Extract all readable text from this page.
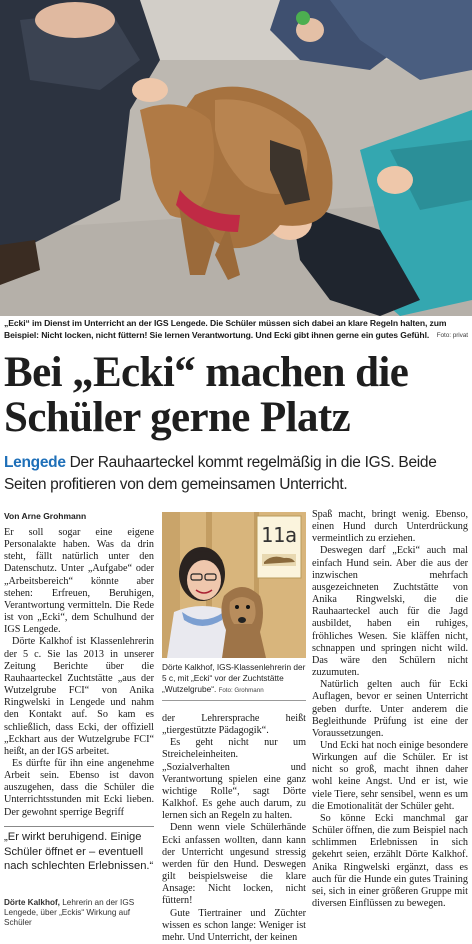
„Ecki“ im Dienst im Unterricht an der IGS Lengede. Die Schüler müssen sich dabei an klare Regeln halten, zum Beispiel: Nicht locken, nicht füttern! Sie lernen Verantwortung. Und Ecki gibt ihnen gerne ein gutes Gefühl. Foto: privat
Bei „Ecki“ machen die
Schüler gerne Platz
Lengede Der Rauhaarteckel kommt regelmäßig in die IGS. Beide Seiten profitieren von dem gemeinsamen Unterricht.
Von Arne Grohmann

Er soll sogar eine eigene Personalakte haben. Was da drin steht, fällt natürlich unter den Datenschutz. Unter „Aufgabe“ oder „Arbeitsbereich“ könnte aber stehen: Erfreuen, Beruhigen, Verantwortung vermitteln. Die Rede ist von „Ecki“, dem Schulhund der IGS Lengede.

Dörte Kalkhof ist Klassenlehrerin der 5 c. Sie las 2013 in unserer Zeitung Berichte über die Rauhaarteckel Zuchtstätte „aus der Wutzelgrube FCI“ von Anika Ringwelski in Lengede und nahm den Kontakt auf. So kam es schließlich, dass Ecki, der offiziell „Eckhart aus der Wutzelgrube FCI“ heißt, an der IGS arbeitet.

Es dürfte für ihn eine angenehme Arbeit sein. Ebenso ist davon auszugehen, dass die Schüler die Unterrichtsstunden mit Ecki lieben. Der gewohnt sperrige Begriff

„Er wirkt beruhigend. Einige Schüler öffnet er – eventuell nach schlechten Erlebnissen.“
Dörte Kalkhof, Lehrerin an der IGS Lengede, über „Eckis“ Wirkung auf Schüler
11a
Dörte Kalkhof, IGS-Klassenlehrerin der 5 c, mit „Ecki“ vor der Zuchtstätte „Wutzelgrube“. Foto: Grohmann

der Lehrersprache heißt „tiergestützte Pädagogik“.

Es geht nicht nur um Streicheleinheiten. „Sozialverhalten und Verantwortung spielen eine ganz wichtige Rolle“, sagt Dörte Kalkhof. Es gehe auch darum, zu lernen sich an Regeln zu halten.

Denn wenn viele Schülerhände Ecki anfassen wollten, dann kann der Unterricht ungesund stressig werden für den Hund. Deswegen gilt beispielsweise die klare Ansage: Nicht locken, nicht füttern!

Gute Tiertrainer und Züchter wissen es schon lange: Weniger ist mehr. Und Unterricht, der keinen

Spaß macht, bringt wenig. Ebenso, einen Hund durch Unterdrückung vermeintlich zu erziehen.

Deswegen darf „Ecki“ auch mal einfach Hund sein. Aber die aus der inzwischen mehrfach ausgezeichneten Zuchtstätte von Anika Ringwelski, die die Rauhaarteckel auch für die Jagd ausbildet, haben ein ruhiges, fröhliches Wesen. Sie kläffen nicht, schnappen und springen nicht wild. Das wäre den Schülern nicht zuzumuten.

Natürlich gelten auch für Ecki Auflagen, bevor er seinen Unterricht geben durfte. Unter anderem die Begleithunde Prüfung ist eine der Voraussetzungen.

Und Ecki hat noch einige besondere Wirkungen auf die Schüler. Er ist nicht so groß, macht ihnen daher wohl keine Angst. Und er ist, wie viele Tiere, sehr sensibel, wenn es um die Emotionalität der Schüler geht.

So könne Ecki manchmal gar Schüler öffnen, die zum Beispiel nach schlimmen Erlebnissen in sich gekehrt seien, erzählt Dörte Kalkhof. Anika Ringwelski ergänzt, dass es auch für die Hunde ein gutes Training sei, sich in einer größeren Gruppe mit diversen Einflüssen zu bewegen.
